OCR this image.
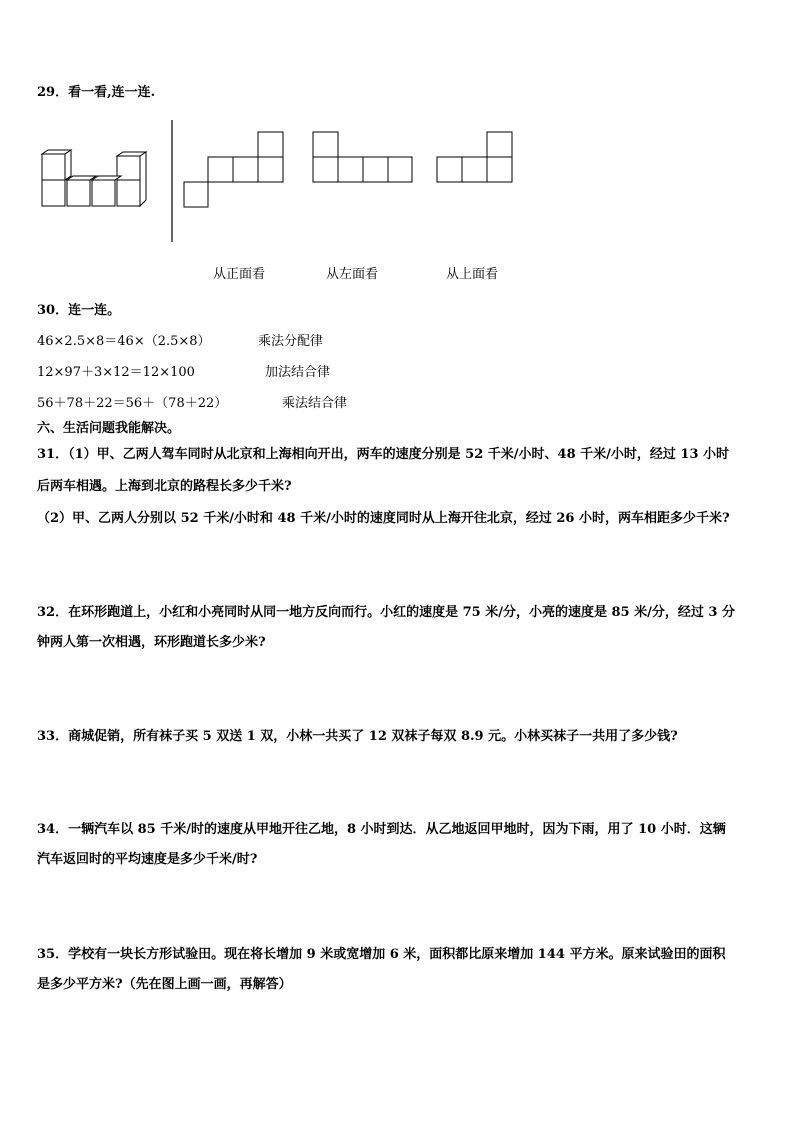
29．看一看,连一连.
从正面看	从左面看	从上面看
30．连一连。
46×2.5×8＝46×（2.5×8）	乘法分配律
12×97＋3×12＝12×100	加法结合律
56＋78＋22＝56＋（78＋22）	乘法结合律
六、生活问题我能解决。
31．（1）甲、乙两人驾车同时从北京和上海相向开出，两车的速度分别是 52 千米/小时、48 千米/小时，经过 13 小时
后两车相遇。上海到北京的路程长多少千米?
（2）甲、乙两人分别以 52 千米/小时和 48 千米/小时的速度同时从上海开往北京，经过 26 小时，两车相距多少千米?
32．在环形跑道上，小红和小亮同时从同一地方反向而行。小红的速度是 75 米/分，小亮的速度是 85 米/分，经过 3 分
钟两人第一次相遇，环形跑道长多少米?
33．商城促销，所有袜子买 5 双送 1 双，小林一共买了 12 双袜子每双 8.9 元。小林买袜子一共用了多少钱?
34．一辆汽车以 85 千米/时的速度从甲地开往乙地，8 小时到达．从乙地返回甲地时，因为下雨，用了 10 小时．这辆
汽车返回时的平均速度是多少千米/时?
35．学校有一块长方形试验田。现在将长增加 9 米或宽增加 6 米，面积都比原来增加 144 平方米。原来试验田的面积
是多少平方米?（先在图上画一画，再解答）
